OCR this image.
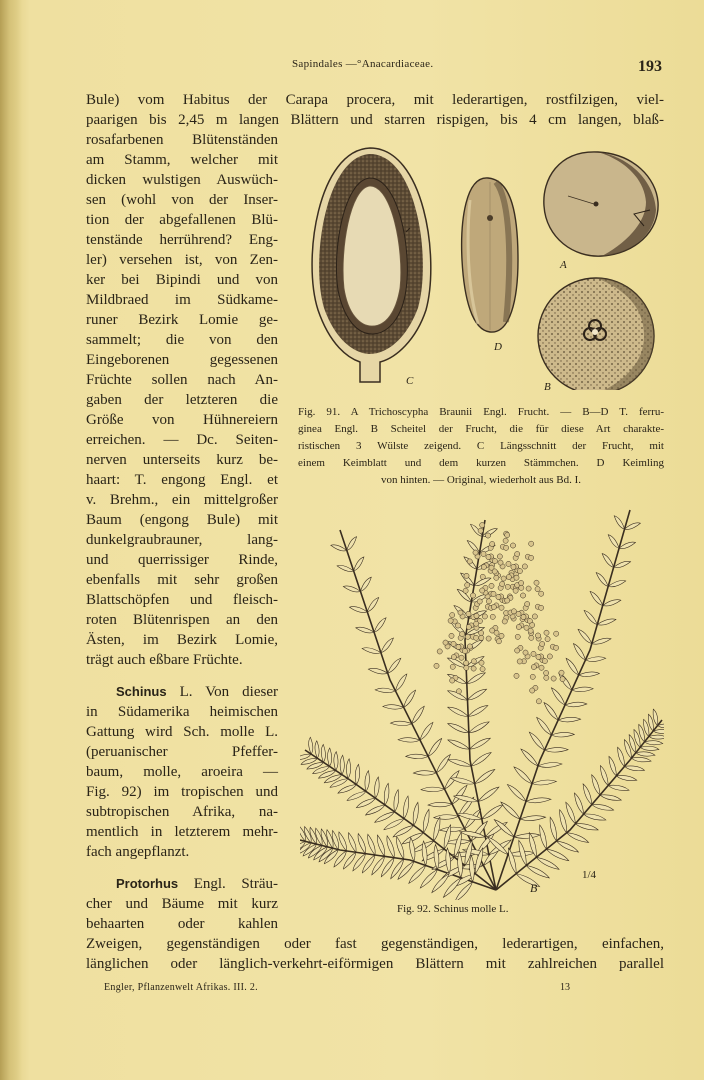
Sapindales —°Anacardiaceae.	193
Bule) vom Habitus der Carapa procera, mit lederartigen, rostfilzigen, viel-
paarigen bis 2,45 m langen Blättern und starren rispigen, bis 4 cm langen, blaß-
rosafarbenen Blütenständen
am Stamm, welcher mit
dicken wulstigen Auswüch-
sen (wohl von der Inser-
tion der abgefallenen Blü-
tenstände herrührend? Eng-
ler) versehen ist, von Zen-
ker bei Bipindi und von
Mildbraed im Südkame-
runer Bezirk Lomie ge-
sammelt; die von den
Eingeborenen gegessenen
Früchte sollen nach An-
gaben der letzteren die
Größe von Hühnereiern
erreichen. — Dc. Seiten-
nerven unterseits kurz be-
haart: T. engong Engl. et
v. Brehm., ein mittelgroßer
Baum (engong Bule) mit
dunkelgraubrauner, lang-
und querrissiger Rinde,
ebenfalls mit sehr großen
Blattschöpfen und fleisch-
roten Blütenrispen an den
Ästen, im Bezirk Lomie,
trägt auch eßbare Früchte.
Schinus L. Von dieser
in Südamerika heimischen
Gattung wird Sch. molle L.
(peruanischer Pfeffer-
baum, molle, aroeira —
Fig. 92) im tropischen und
subtropischen Afrika, na-
mentlich in letzterem mehr-
fach angepflanzt.
Protorhus Engl. Sträu-
cher und Bäume mit kurz
behaarten oder kahlen
Zweigen, gegenständigen oder fast gegenständigen, lederartigen, einfachen,
länglichen oder länglich-verkehrt-eiförmigen Blättern mit zahlreichen parallel
C
D
A
B
Fig. 91. A Trichoscypha Braunii Engl. Frucht. — B—D T. ferru-
ginea Engl. B Scheitel der Frucht, die für diese Art charakte-
ristischen 3 Wülste zeigend. C Längsschnitt der Frucht, mit
einem Keimblatt und dem kurzen Stämmchen. D Keimling
von hinten. — Original, wiederholt aus Bd. I.
B
1/4
Fig. 92. Schinus molle L.
Engler, Pflanzenwelt Afrikas. III. 2.	13
